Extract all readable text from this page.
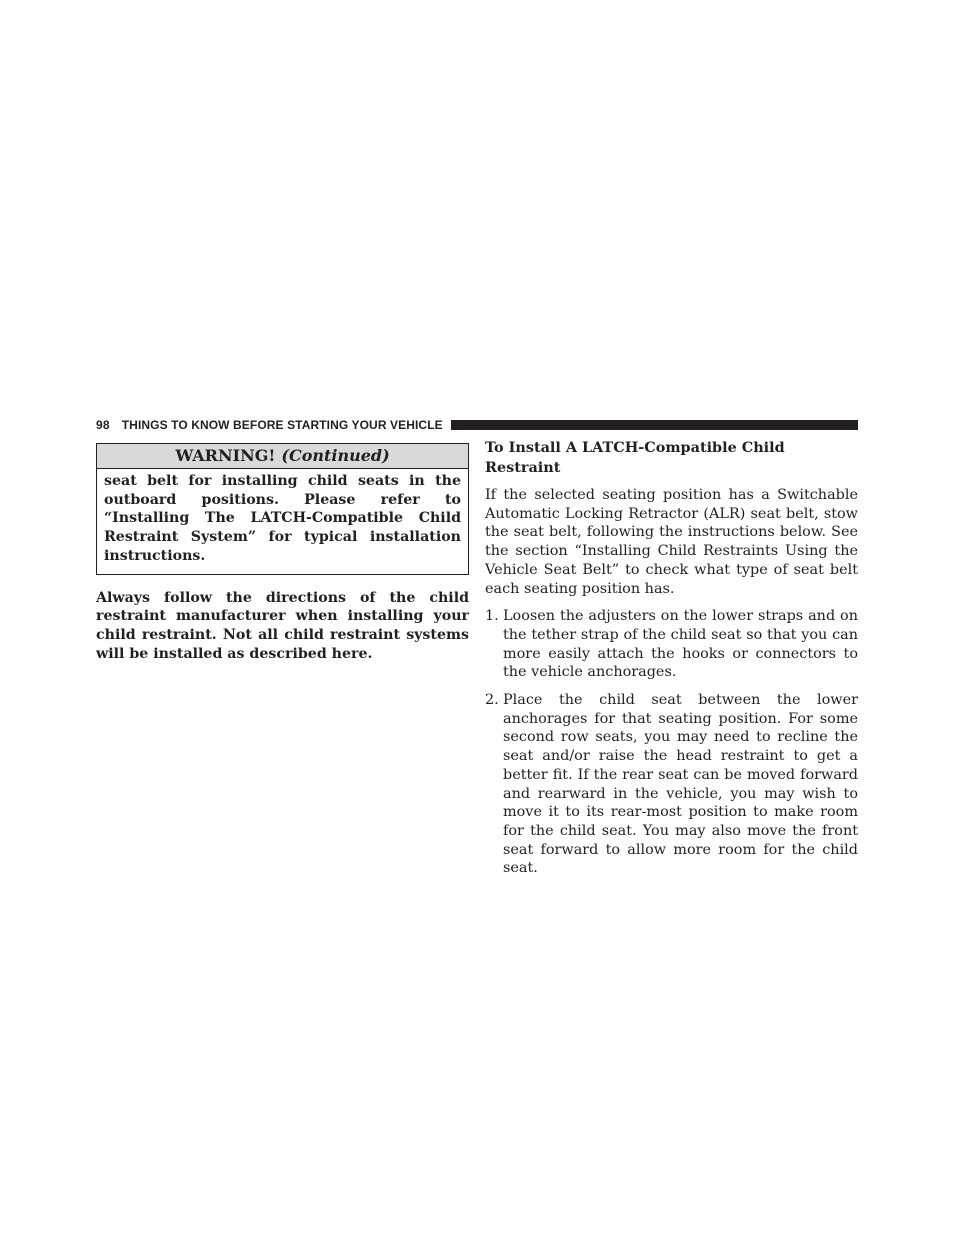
98 THINGS TO KNOW BEFORE STARTING YOUR VEHICLE
WARNING! (Continued)
seat belt for installing child seats in the outboard positions. Please refer to “Installing The LATCH-Compatible Child Restraint System” for typical installation instructions.
Always follow the directions of the child restraint manufacturer when installing your child restraint. Not all child restraint systems will be installed as described here.
To Install A LATCH-Compatible Child Restraint

If the selected seating position has a Switchable Automatic Locking Retractor (ALR) seat belt, stow the seat belt, following the instructions below. See the section “Installing Child Restraints Using the Vehicle Seat Belt” to check what type of seat belt each seating position has.

1. Loosen the adjusters on the lower straps and on the tether strap of the child seat so that you can more easily attach the hooks or connectors to the vehicle anchorages.
2. Place the child seat between the lower anchorages for that seating position. For some second row seats, you may need to recline the seat and/or raise the head restraint to get a better fit. If the rear seat can be moved forward and rearward in the vehicle, you may wish to move it to its rear-most position to make room for the child seat. You may also move the front seat forward to allow more room for the child seat.
